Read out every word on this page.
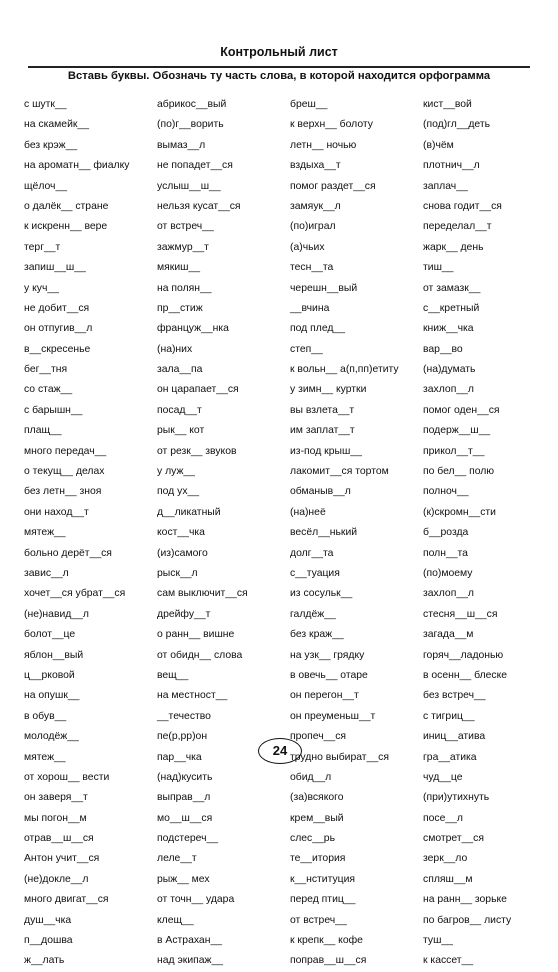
Контрольный лист
Вставь буквы. Обозначь ту часть слова, в которой находится орфограмма
с шутк__
на скамейк__
без крэж__
на ароматн__ фиалку
щёлоч__
о далёк__ стране
к искренн__ вере
терг__т
запиш__ш__
у куч__
не добит__ся
он отпугив__л
в__скресенье
бег__тня
со стаж__
с барышн__
плащ__
много передач__
о текущ__ делах
без летн__ зноя
они наход__т
мятеж__
больно дерёт__ся
завис__л
хочет__ся убрат__ся
(не)навид__л
болот__це
яблон__вый
ц__рковой
на опушк__
в обув__
молодёж__
мятеж__
от хорош__ вести
он заверя__т
мы погон__м
отрав__ш__ся
Антон учит__ся
(не)докле__л
много двигат__ся
душ__чка
п__дошва
ж__лать
абрикос__вый
(по)г__ворить
вымаз__л
не попадет__ся
услыш__ш__
нельзя кусат__ся
от встреч__
зажмур__т
мякиш__
на полян__
пр__стиж
француж__нка
(на)них
зала__па
он царапает__ся
посад__т
рык__ кот
от резк__ звуков
у луж__
под ух__
д__ликатный
кост__чка
(из)самого
рыск__л
сам выключит__ся
дрейфу__т
о ранн__ вишне
от обидн__ слова
вещ__
на местност__
__течество
пе(р,рр)он
пар__чка
(над)кусить
выправ__л
мо__ш__ся
подстереч__
леле__т
рыж__ мех
от точн__ удара
клещ__
в Астрахан__
над экипаж__
бреш__
к верхн__ болоту
летн__ ночью
вздыха__т
помог раздет__ся
замяук__л
(по)играл
(а)чьих
тесн__та
черешн__вый
__вчина
под плед__
степ__
к вольн__ а(п,пп)етиту
у зимн__ куртки
вы взлета__т
им заплат__т
из-под крыш__
лакомит__ся тортом
обманыв__л
(на)неё
весёл__нький
долг__та
с__туация
из сосульк__
галдёж__
без краж__
на узк__ грядку
в овечь__ отаре
он перегон__т
он преуменьш__т
пропеч__ся
трудно выбират__ся
обид__л
(за)всякого
крем__вый
слес__рь
те__итория
к__нституция
перед птиц__
от встреч__
к крепк__ кофе
поправ__ш__ся
кист__вой
(под)гл__деть
(в)чём
плотнич__л
заплач__
снова годит__ся
переделал__т
жарк__ день
тиш__
от замазк__
с__кретный
книж__чка
вар__во
(на)думать
захлоп__л
помог оден__ся
подерж__ш__
прикол__т__
по бел__ полю
полноч__
(к)скромн__сти
б__розда
полн__та
(по)моему
захлоп__л
стесня__ш__ся
загада__м
горяч__ладонью
в осенн__ блеске
без встреч__
с тигриц__
иниц__атива
гра__атика
чуд__це
(при)утихнуть
посе__л
смотрет__ся
зерк__ло
спляш__м
на ранн__ зорьке
по багров__ листу
туш__
к кассет__
24
